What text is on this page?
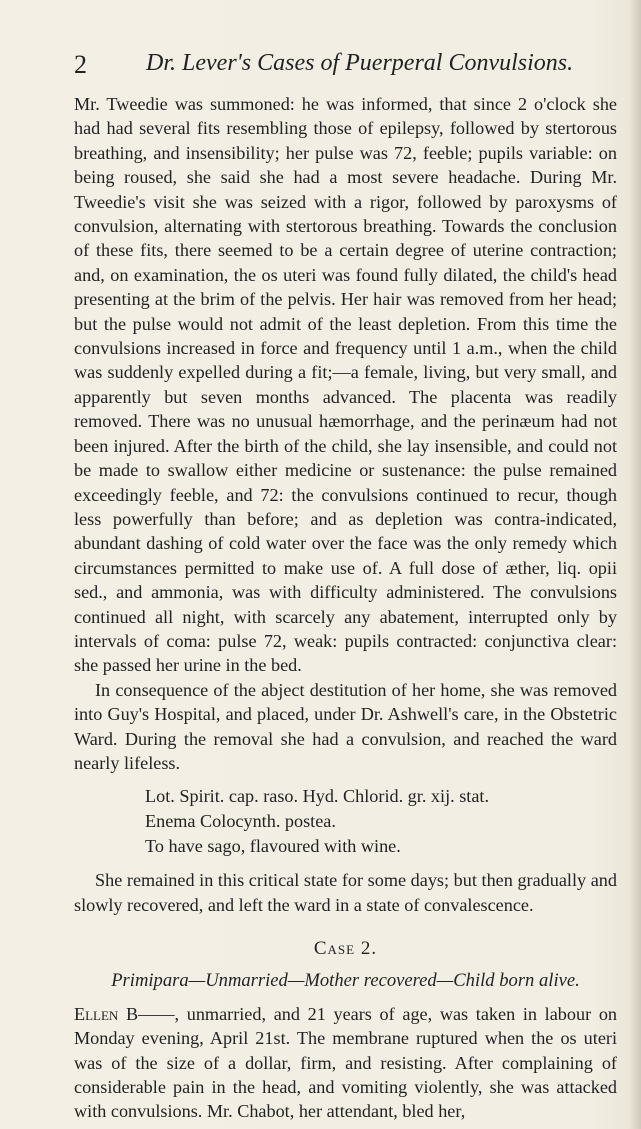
2 Dr. Lever's Cases of Puerperal Convulsions.

Mr. Tweedie was summoned: he was informed, that since 2 o'clock she had had several fits resembling those of epilepsy, followed by stertorous breathing, and insensibility; her pulse was 72, feeble; pupils variable: on being roused, she said she had a most severe headache. During Mr. Tweedie's visit she was seized with a rigor, followed by paroxysms of convulsion, alternating with stertorous breathing. Towards the conclusion of these fits, there seemed to be a certain degree of uterine contraction; and, on examination, the os uteri was found fully dilated, the child's head presenting at the brim of the pelvis. Her hair was removed from her head; but the pulse would not admit of the least depletion. From this time the convulsions increased in force and frequency until 1 a.m., when the child was suddenly expelled during a fit;—a female, living, but very small, and apparently but seven months advanced. The placenta was readily removed. There was no unusual hæmorrhage, and the perinæum had not been injured. After the birth of the child, she lay insensible, and could not be made to swallow either medicine or sustenance: the pulse remained exceedingly feeble, and 72: the convulsions continued to recur, though less powerfully than before; and as depletion was contra-indicated, abundant dashing of cold water over the face was the only remedy which circumstances permitted to make use of. A full dose of æther, liq. opii sed., and ammonia, was with difficulty administered. The convulsions continued all night, with scarcely any abatement, interrupted only by intervals of coma: pulse 72, weak: pupils contracted: conjunctiva clear: she passed her urine in the bed.

In consequence of the abject destitution of her home, she was removed into Guy's Hospital, and placed, under Dr. Ashwell's care, in the Obstetric Ward. During the removal she had a convulsion, and reached the ward nearly lifeless.

Lot. Spirit. cap. raso. Hyd. Chlorid. gr. xij. stat.
Enema Colocynth. postea.
To have sago, flavoured with wine.

She remained in this critical state for some days; but then gradually and slowly recovered, and left the ward in a state of convalescence.

Case 2.
Primipara—Unmarried—Mother recovered—Child born alive.

Ellen B——, unmarried, and 21 years of age, was taken in labour on Monday evening, April 21st. The membrane ruptured when the os uteri was of the size of a dollar, firm, and resisting. After complaining of considerable pain in the head, and vomiting violently, she was attacked with convulsions. Mr. Chabot, her attendant, bled her,
